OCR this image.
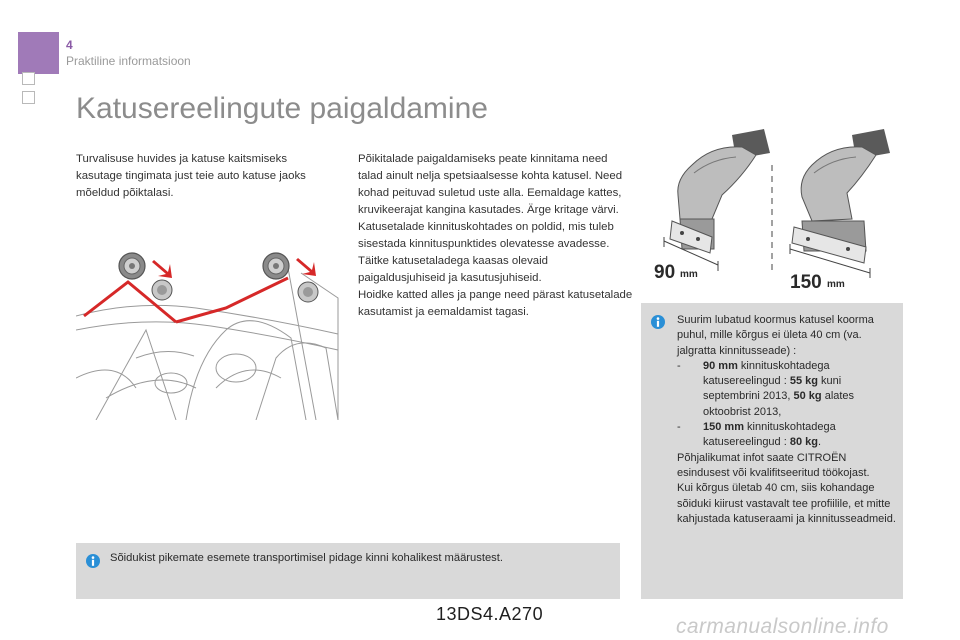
4
Praktiline informatsioon
Katusereelingute paigaldamine

Turvalisuse huvides ja katuse kaitsmiseks kasutage tingimata just teie auto katuse jaoks mõeldud põiktalasi.

Põikitalade paigaldamiseks peate kinnitama need talad ainult nelja spetsiaalsesse kohta katusel. Need kohad peituvad suletud uste alla. Eemaldage kattes, kruvikeerajat kangina kasutades. Ärge kritage värvi.

Katusetalade kinnituskohtades on poldid, mis tuleb sisestada kinnituspunktides olevatesse avadesse.

Täitke katusetaladega kaasas olevaid paigaldusjuhiseid ja kasutusjuhiseid.

Hoidke katted alles ja pange need pärast katusetalade kasutamist ja eemaldamist tagasi.

90 mm	150 mm

Suurim lubatud koormus katusel koorma puhul, mille kõrgus ei ületa 40 cm (va. jalgratta kinnitusseade) :

- 90 mm kinnituskohtadega katusereelingud : 55 kg kuni septembrini 2013, 50 kg alates oktoobrist 2013,

- 150 mm kinnituskohtadega katusereelingud : 80 kg.

Põhjalikumat infot saate CITROËN esindusest või kvalifitseeritud töökojast.

Kui kõrgus ületab 40 cm, siis kohandage sõiduki kiirust vastavalt tee profiilile, et mitte kahjustada katuseraami ja kinnitusseadmeid.

Sõidukist pikemate esemete transportimisel pidage kinni kohalikest määrustest.
13DS4.A270
carmanualsonline.info
